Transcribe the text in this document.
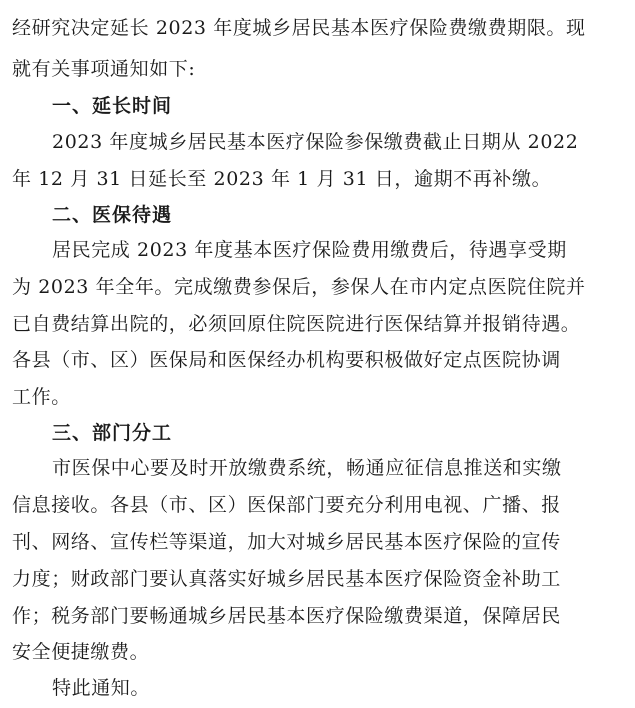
经研究决定延长 2023 年度城乡居民基本医疗保险费缴费期限。现
就有关事项通知如下:
一、延长时间
2023 年度城乡居民基本医疗保险参保缴费截止日期从 2022
年 12 月 31 日延长至 2023 年 1 月 31 日，逾期不再补缴。
二、医保待遇
居民完成 2023 年度基本医疗保险费用缴费后，待遇享受期
为 2023 年全年。完成缴费参保后，参保人在市内定点医院住院并
已自费结算出院的，必须回原住院医院进行医保结算并报销待遇。
各县（市、区）医保局和医保经办机构要积极做好定点医院协调
工作。
三、部门分工
市医保中心要及时开放缴费系统，畅通应征信息推送和实缴
信息接收。各县（市、区）医保部门要充分利用电视、广播、报
刊、网络、宣传栏等渠道，加大对城乡居民基本医疗保险的宣传
力度；财政部门要认真落实好城乡居民基本医疗保险资金补助工
作；税务部门要畅通城乡居民基本医疗保险缴费渠道，保障居民
安全便捷缴费。
特此通知。
